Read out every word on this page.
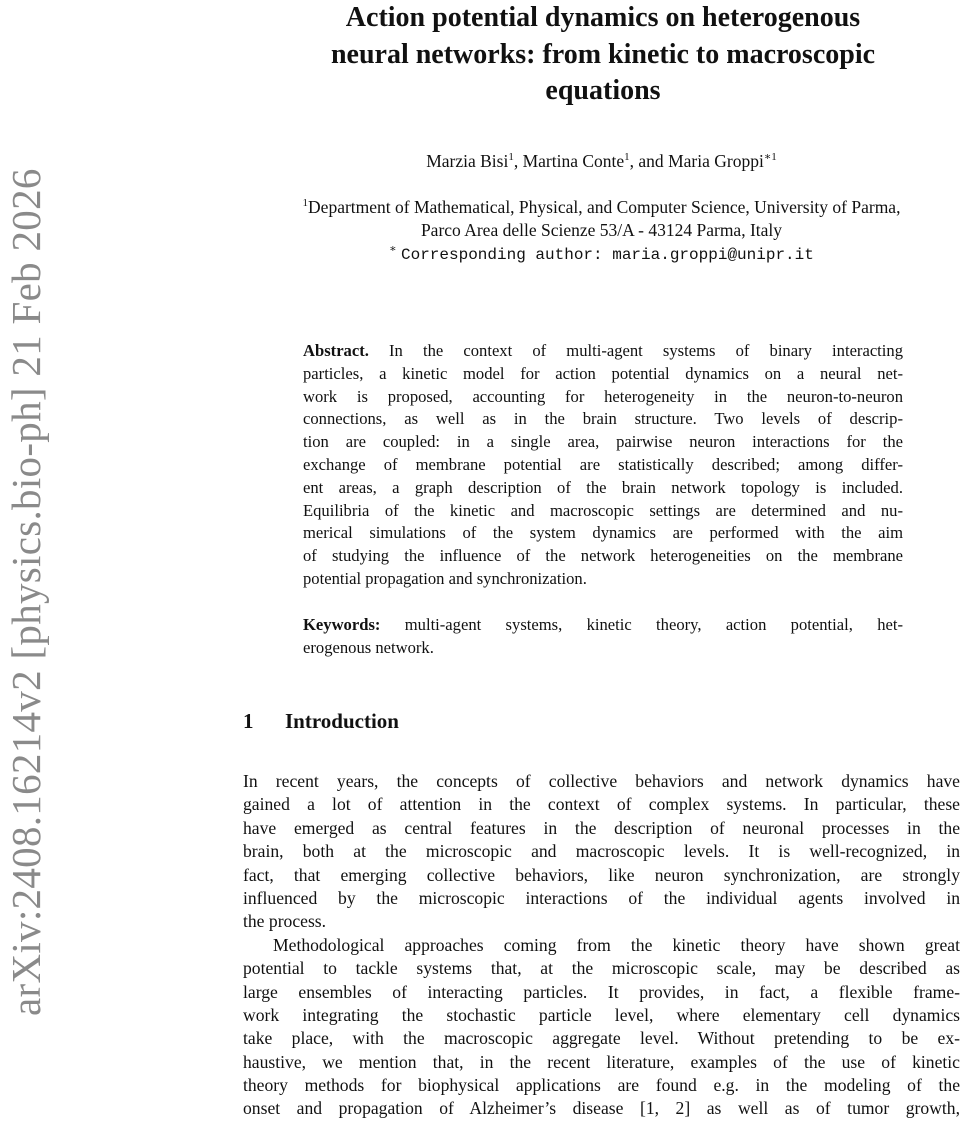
arXiv:2408.16214v2 [physics.bio-ph] 21 Feb 2026
Action potential dynamics on heterogenous
neural networks: from kinetic to macroscopic
equations
Marzia Bisi$^1$, Martina Conte$^1$, and Maria Groppi$^{∗1}$
$^1$Department of Mathematical, Physical, and Computer Science, University of Parma,
Parco Area delle Scienze 53/A - 43124 Parma, Italy
∗ Corresponding author: maria.groppi@unipr.it
Abstract. In the context of multi-agent systems of binary interacting
particles, a kinetic model for action potential dynamics on a neural net-
work is proposed, accounting for heterogeneity in the neuron-to-neuron
connections, as well as in the brain structure. Two levels of descrip-
tion are coupled: in a single area, pairwise neuron interactions for the
exchange of membrane potential are statistically described; among differ-
ent areas, a graph description of the brain network topology is included.
Equilibria of the kinetic and macroscopic settings are determined and nu-
merical simulations of the system dynamics are performed with the aim
of studying the influence of the network heterogeneities on the membrane
potential propagation and synchronization.
Keywords: multi-agent systems, kinetic theory, action potential, het-
erogenous network.
1 Introduction
In recent years, the concepts of collective behaviors and network dynamics have
gained a lot of attention in the context of complex systems. In particular, these
have emerged as central features in the description of neuronal processes in the
brain, both at the microscopic and macroscopic levels. It is well-recognized, in
fact, that emerging collective behaviors, like neuron synchronization, are strongly
influenced by the microscopic interactions of the individual agents involved in
the process.
Methodological approaches coming from the kinetic theory have shown great
potential to tackle systems that, at the microscopic scale, may be described as
large ensembles of interacting particles. It provides, in fact, a flexible frame-
work integrating the stochastic particle level, where elementary cell dynamics
take place, with the macroscopic aggregate level. Without pretending to be ex-
haustive, we mention that, in the recent literature, examples of the use of kinetic
theory methods for biophysical applications are found e.g. in the modeling of the
onset and propagation of Alzheimer’s disease [1, 2] as well as of tumor growth,
